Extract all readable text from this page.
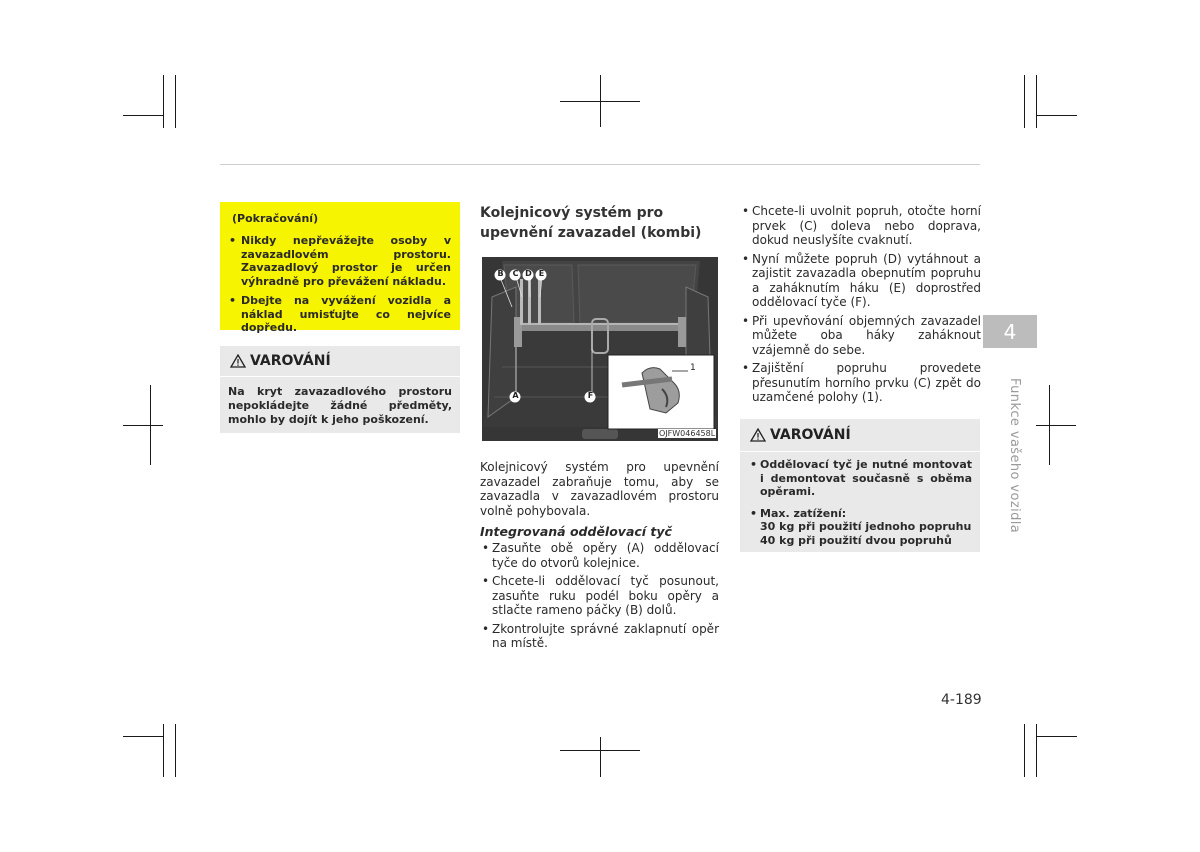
(Pokračování)
• Nikdy nepřevážejte osoby v zavazadlovém prostoru. Zavazadlový prostor je určen výhradně pro převážení nákladu.
• Dbejte na vyvážení vozidla a náklad umisťujte co nejvíce dopředu.
VAROVÁNÍ
Na kryt zavazadlového prostoru nepokládejte žádné předměty, mohlo by dojít k jeho poškození.
Kolejnicový systém pro upevnění zavazadel (kombi)
B C D E
A	F
1
OJFW046458L
Kolejnicový systém pro upevnění zavazadel zabraňuje tomu, aby se zavazadla v zavazadlovém prostoru volně pohybovala.
Integrovaná oddělovací tyč
• Zasuňte obě opěry (A) oddělovací tyče do otvorů kolejnice.
• Chcete-li oddělovací tyč posunout, zasuňte ruku podél boku opěry a stlačte rameno páčky (B) dolů.
• Zkontrolujte správné zaklapnutí opěr na místě.
• Chcete-li uvolnit popruh, otočte horní prvek (C) doleva nebo doprava, dokud neuslyšíte cvaknutí.
• Nyní můžete popruh (D) vytáhnout a zajistit zavazadla obepnutím popruhu a zaháknutím háku (E) doprostřed oddělovací tyče (F).
• Při upevňování objemných zavazadel můžete oba háky zaháknout vzájemně do sebe.
• Zajištění popruhu provedete přesunutím horního prvku (C) zpět do uzamčené polohy (1).
VAROVÁNÍ
• Oddělovací tyč je nutné montovat i demontovat současně s oběma opěrami.
• Max. zatížení:
30 kg při použití jednoho popruhu
40 kg při použití dvou popruhů
4
Funkce vašeho vozidla
4-189
